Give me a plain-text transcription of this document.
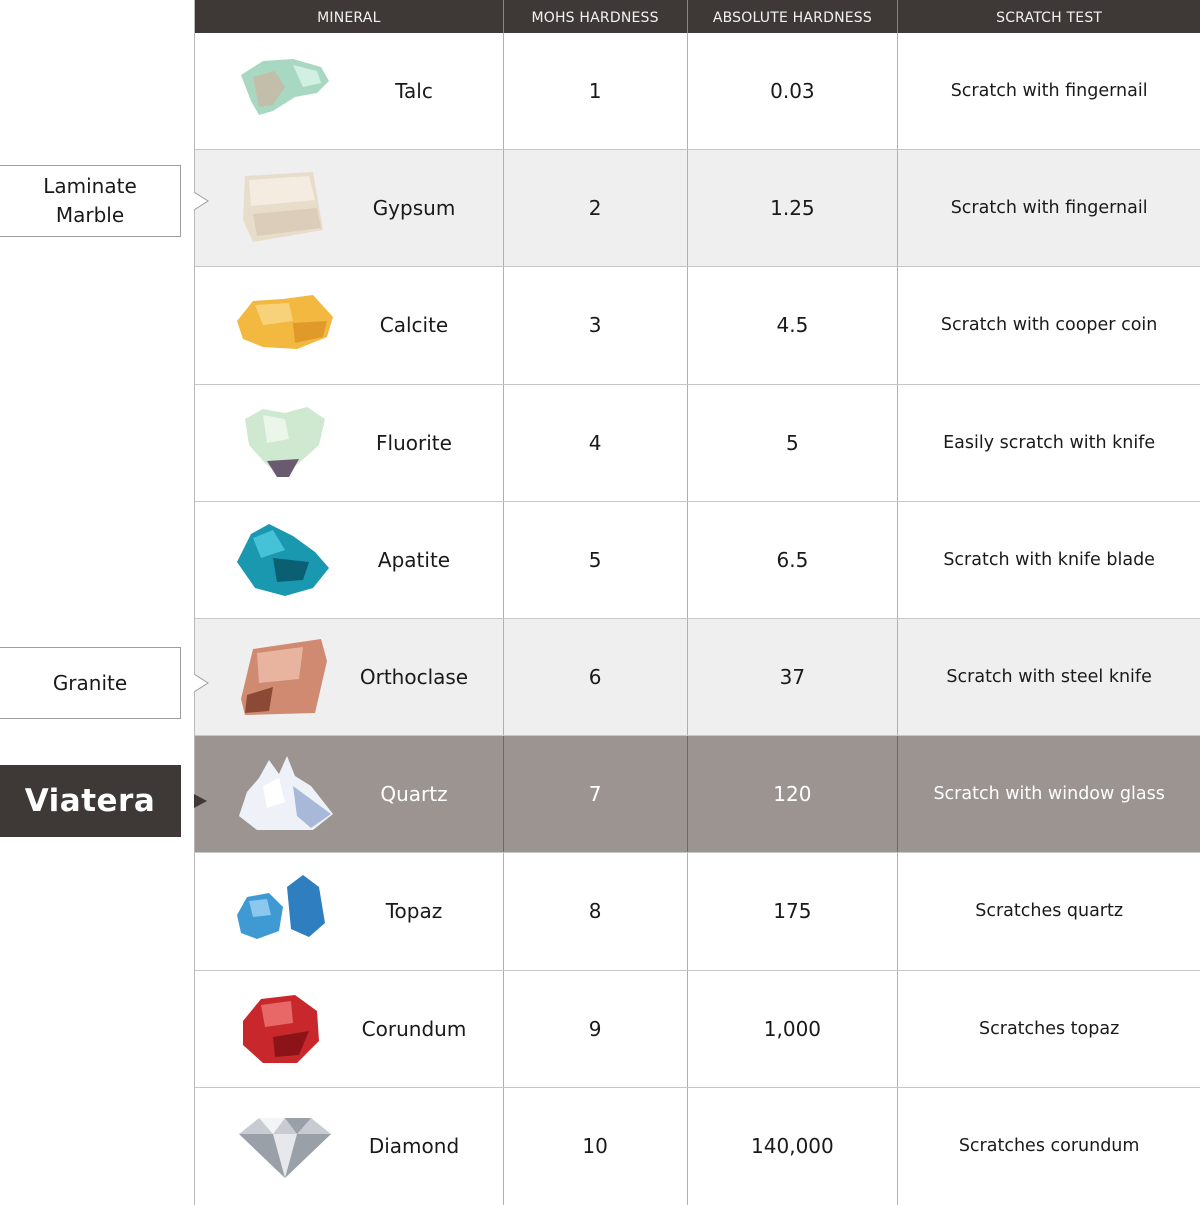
MINERAL	MOHS HARDNESS	ABSOLUTE HARDNESS	SCRATCH TEST
Talc	1	0.03	Scratch with fingernail
Gypsum	2	1.25	Scratch with fingernail
Calcite	3	4.5	Scratch with cooper coin
Fluorite	4	5	Easily scratch with knife
Apatite	5	6.5	Scratch with knife blade
Orthoclase	6	37	Scratch with steel knife
Quartz	7	120	Scratch with window glass
Topaz	8	175	Scratches quartz
Corundum	9	1,000	Scratches topaz
Diamond	10	140,000	Scratches corundum
Laminate
Marble
Granite
Viatera
